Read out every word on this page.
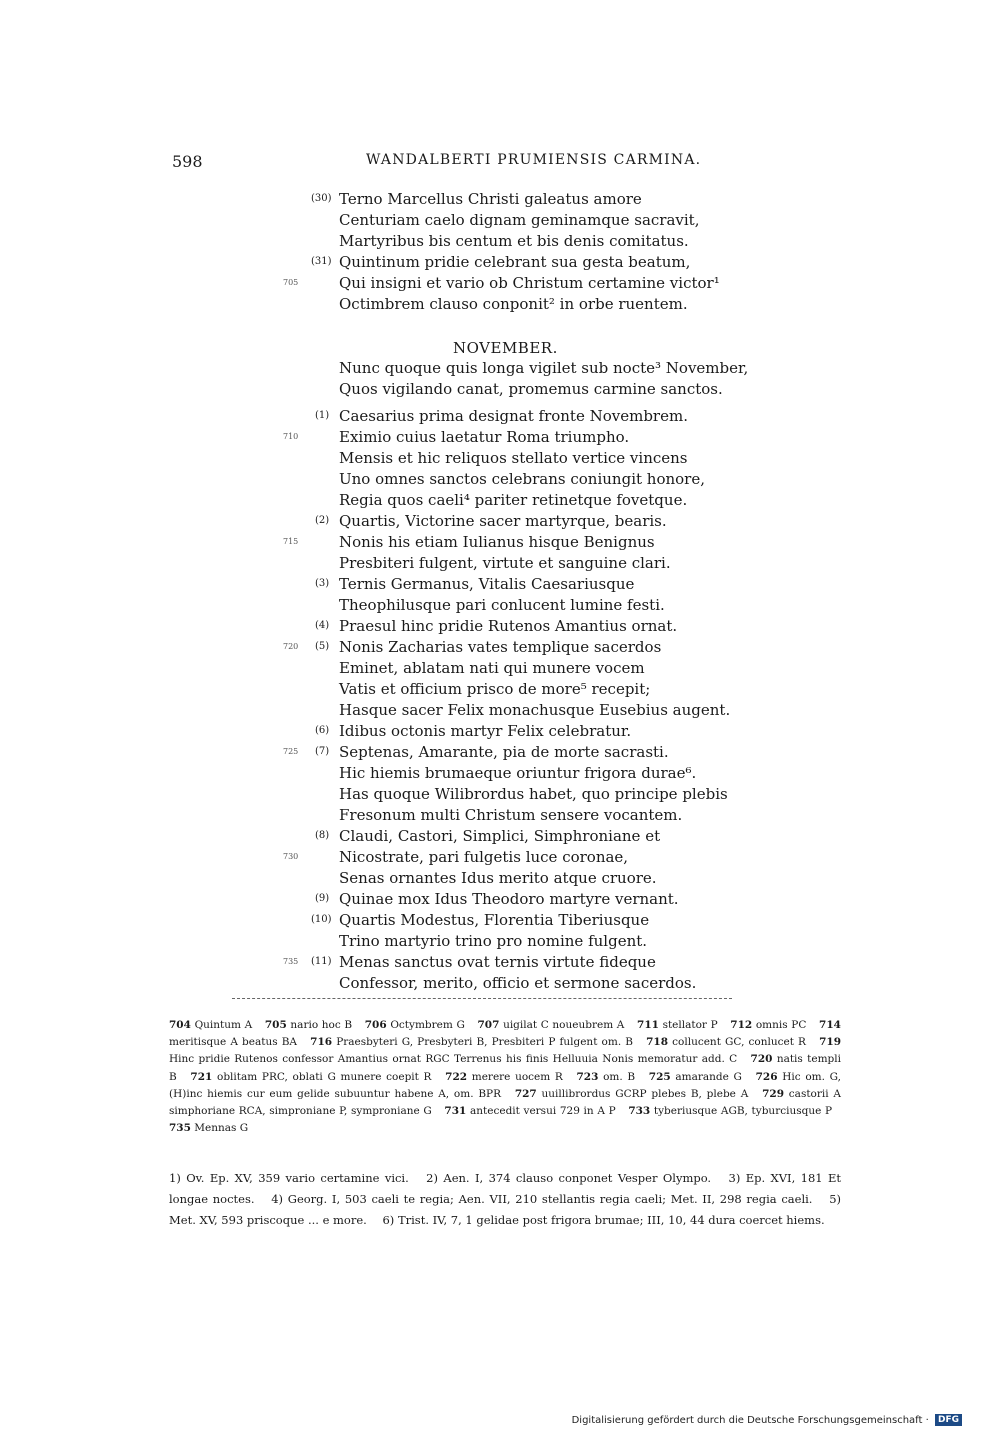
598	WANDALBERTI PRUMIENSIS CARMINA.
Terno Marcellus Christi galeatus amore
(30)
Centuriam caelo dignam geminamque sacravit,
Martyribus bis centum et bis denis comitatus.
Quintinum pridie celebrant sua gesta beatum,
(31)
Qui insigni et vario ob Christum certamine victor¹
705
Octimbrem clauso conponit² in orbe ruentem.
Nunc quoque quis longa vigilet sub nocte³ November,
Quos vigilando canat, promemus carmine sanctos.
Caesarius prima designat fronte Novembrem.
(1)
Eximio cuius laetatur Roma triumpho.
710
Mensis et hic reliquos stellato vertice vincens
Uno omnes sanctos celebrans coniungit honore,
Regia quos caeli⁴ pariter retinetque fovetque.
Quartis, Victorine sacer martyrque, bearis.
(2)
Nonis his etiam Iulianus hisque Benignus
715
Presbiteri fulgent, virtute et sanguine clari.
Ternis Germanus, Vitalis Caesariusque
(3)
Theophilusque pari conlucent lumine festi.
Praesul hinc pridie Rutenos Amantius ornat.
(4)
Nonis Zacharias vates templique sacerdos
(5)
720
Eminet, ablatam nati qui munere vocem
Vatis et officium prisco de more⁵ recepit;
Hasque sacer Felix monachusque Eusebius augent.
Idibus octonis martyr Felix celebratur.
(6)
Septenas, Amarante, pia de morte sacrasti.
(7)
725
Hic hiemis brumaeque oriuntur frigora durae⁶.
Has quoque Wilibrordus habet, quo principe plebis
Fresonum multi Christum sensere vocantem.
Claudi, Castori, Simplici, Simphroniane et
(8)
Nicostrate, pari fulgetis luce coronae,
730
Senas ornantes Idus merito atque cruore.
Quinae mox Idus Theodoro martyre vernant.
(9)
Quartis Modestus, Florentia Tiberiusque
(10)
Trino martyrio trino pro nomine fulgent.
Menas sanctus ovat ternis virtute fideque
(11)
735
Confessor, merito, officio et sermone sacerdos.
NOVEMBER.
704 Quintum A 705 nario hoc B 706 Octymbrem G 707 uigilat C noueubrem A 711 stellator P 712 omnis PC 714 meritisque A beatus BA 716 Praesbyteri G, Presbyteri B, Presbiteri P fulgent om. B 718 collucent GC, conlucet R 719 Hinc pridie Rutenos confessor Amantius ornat RGC Terrenus his finis Helluuia Nonis memoratur add. C 720 natis templi B 721 oblitam PRC, oblati G munere coepit R 722 merere uocem R 723 om. B 725 amarande G 726 Hic om. G, (H)inc hiemis cur eum gelide subuuntur habene A, om. BPR 727 uuillibrordus GCRP plebes B, plebe A 729 castorii A simphoriane RCA, simproniane P, symproniane G 731 antecedit versui 729 in A P 733 tyberiusque AGB, tyburciusque P 735 Mennas G
1) Ov. Ep. XV, 359 vario certamine vici. 2) Aen. I, 374 clauso conponet Vesper Olympo. 3) Ep. XVI, 181 Et longae noctes. 4) Georg. I, 503 caeli te regia; Aen. VII, 210 stellantis regia caeli; Met. II, 298 regia caeli. 5) Met. XV, 593 priscoque ... e more. 6) Trist. IV, 7, 1 gelidae post frigora brumae; III, 10, 44 dura coercet hiems.
Digitalisierung gefördert durch die Deutsche Forschungsgemeinschaft · DFG
